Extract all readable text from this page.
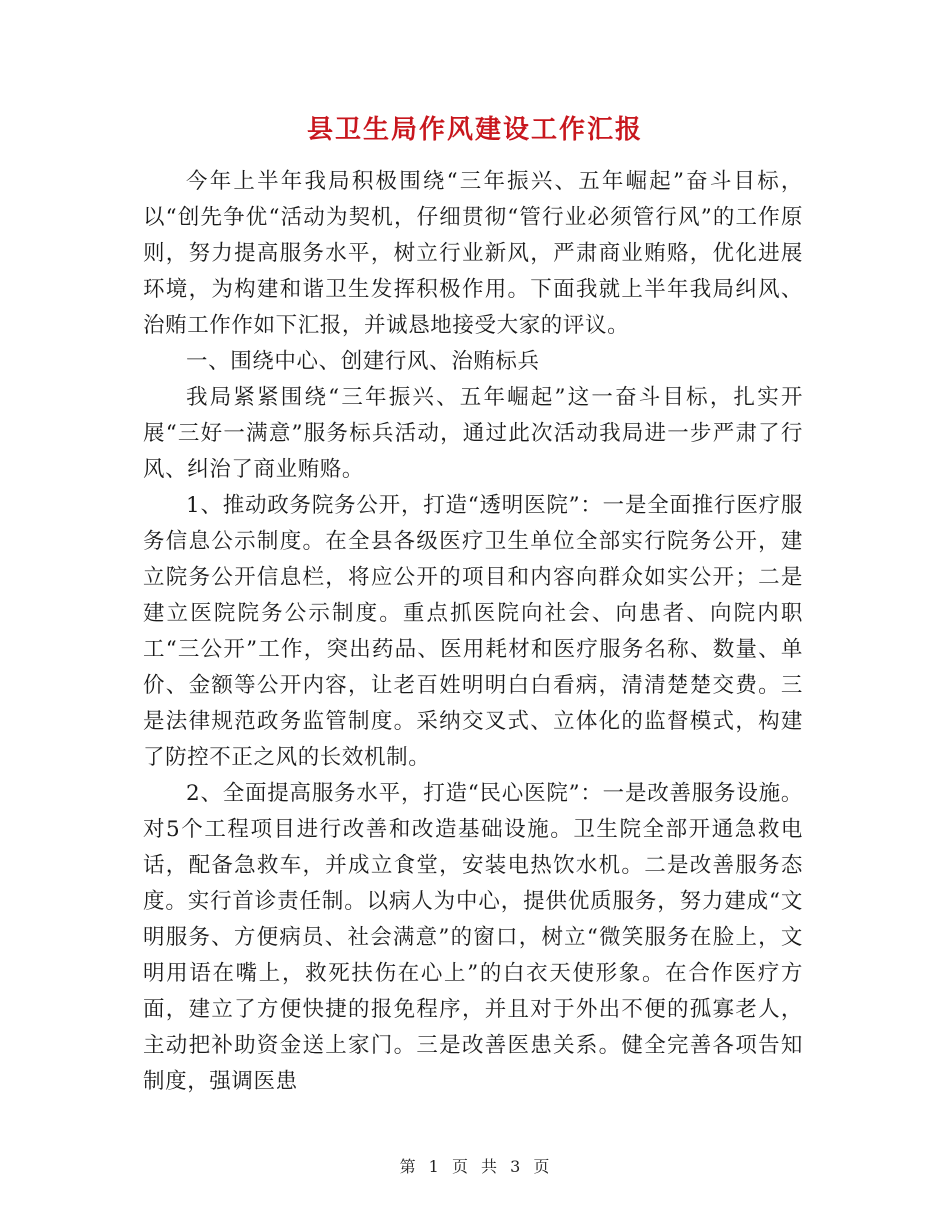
县卫生局作风建设工作汇报

今年上半年我局积极围绕“三年振兴、五年崛起”奋斗目标，以“创先争优“活动为契机，仔细贯彻“管行业必须管行风”的工作原则，努力提高服务水平，树立行业新风，严肃商业贿赂，优化进展环境，为构建和谐卫生发挥积极作用。下面我就上半年我局纠风、治贿工作作如下汇报，并诚恳地接受大家的评议。

一、围绕中心、创建行风、治贿标兵

我局紧紧围绕“三年振兴、五年崛起”这一奋斗目标，扎实开展“三好一满意”服务标兵活动，通过此次活动我局进一步严肃了行风、纠治了商业贿赂。

1、推动政务院务公开，打造“透明医院”：一是全面推行医疗服务信息公示制度。在全县各级医疗卫生单位全部实行院务公开，建立院务公开信息栏，将应公开的项目和内容向群众如实公开；二是建立医院院务公示制度。重点抓医院向社会、向患者、向院内职工“三公开”工作，突出药品、医用耗材和医疗服务名称、数量、单价、金额等公开内容，让老百姓明明白白看病，清清楚楚交费。三是法律规范政务监管制度。采纳交叉式、立体化的监督模式，构建了防控不正之风的长效机制。

2、全面提高服务水平，打造“民心医院”：一是改善服务设施。对5个工程项目进行改善和改造基础设施。卫生院全部开通急救电话，配备急救车，并成立食堂，安装电热饮水机。二是改善服务态度。实行首诊责任制。以病人为中心，提供优质服务，努力建成“文明服务、方便病员、社会满意”的窗口，树立“微笑服务在脸上，文明用语在嘴上，救死扶伤在心上”的白衣天使形象。在合作医疗方面，建立了方便快捷的报免程序，并且对于外出不便的孤寡老人，主动把补助资金送上家门。三是改善医患关系。健全完善各项告知制度，强调医患

第 1 页 共 3 页
